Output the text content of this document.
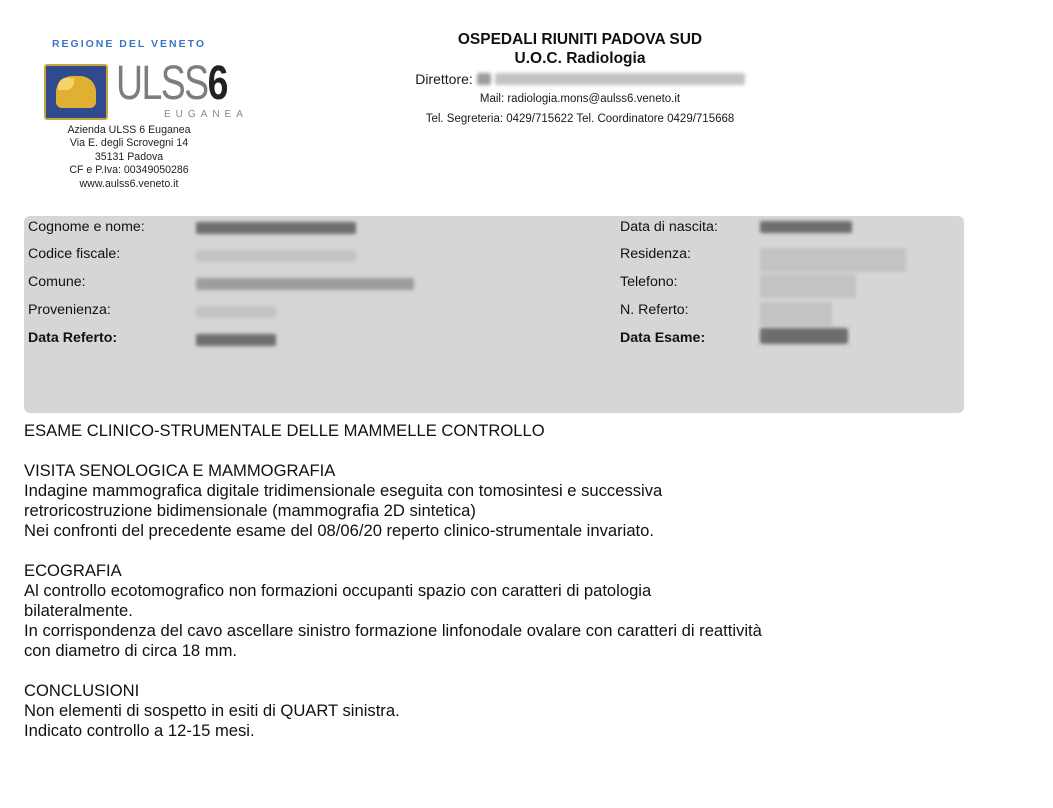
REGIONE DEL VENETO
ULSS6
EUGANEA
Azienda ULSS 6 Euganea
Via E. degli Scrovegni 14
35131 Padova
CF e P.Iva: 00349050286
www.aulss6.veneto.it
OSPEDALI RIUNITI PADOVA SUD
U.O.C. Radiologia
Direttore:
Mail: radiologia.mons@aulss6.veneto.it
Tel. Segreteria: 0429/715622 Tel. Coordinatore 0429/715668
Cognome e nome:
Codice fiscale:
Comune:
Provenienza:
Data Referto:
Data di nascita:
Residenza:
Telefono:
N. Referto:
Data Esame:
ESAME CLINICO-STRUMENTALE DELLE MAMMELLE CONTROLLO
VISITA SENOLOGICA E MAMMOGRAFIA
Indagine mammografica digitale tridimensionale eseguita con tomosintesi e successiva
retroricostruzione bidimensionale (mammografia 2D sintetica)
Nei confronti del precedente esame del 08/06/20 reperto clinico-strumentale invariato.
ECOGRAFIA
Al controllo ecotomografico non formazioni occupanti spazio con caratteri di patologia
bilateralmente.
In corrispondenza del cavo ascellare sinistro formazione linfonodale ovalare con caratteri di reattività
con diametro di circa 18 mm.
CONCLUSIONI
Non elementi di sospetto in esiti di QUART sinistra.
Indicato controllo a 12-15 mesi.
